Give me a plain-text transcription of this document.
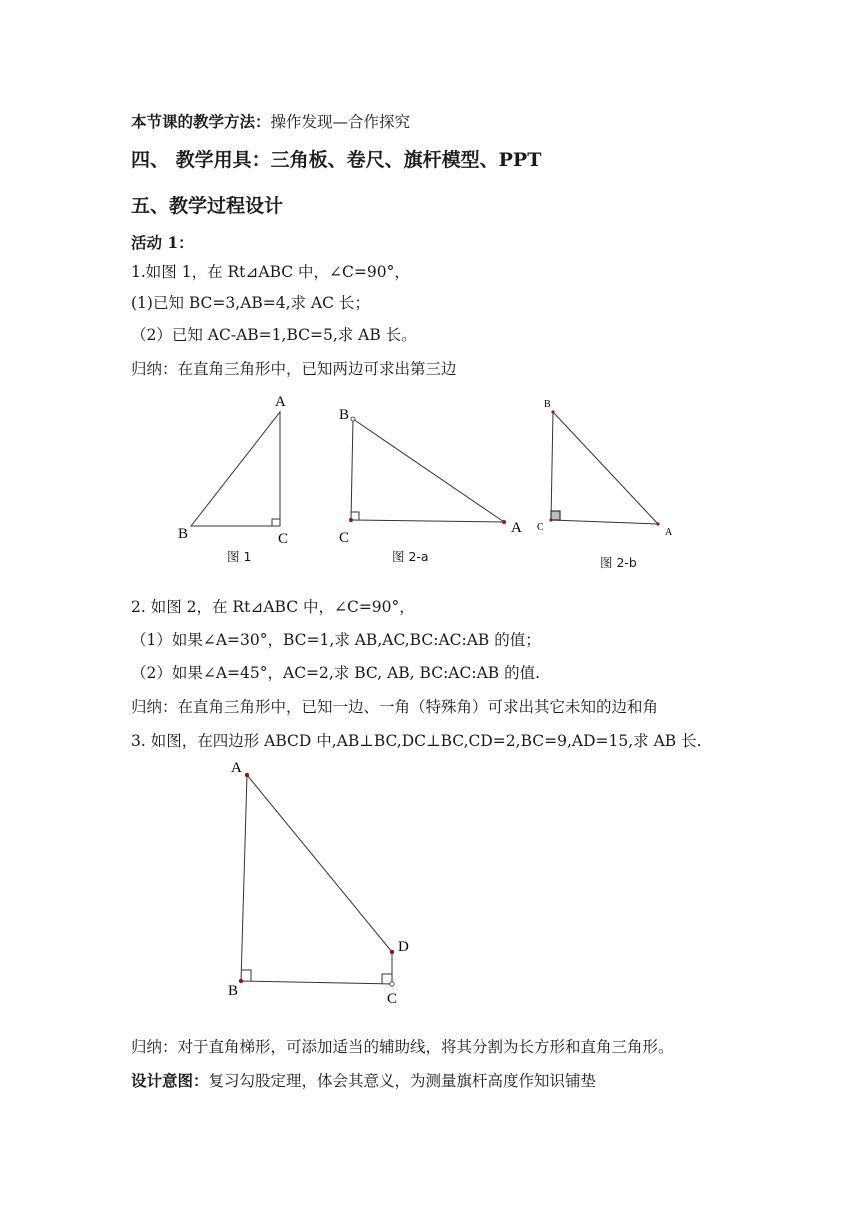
本节课的教学方法：操作发现—合作探究
四、 教学用具：三角板、卷尺、旗杆模型、PPT
五、教学过程设计
活动 1：
1.如图 1，在 Rt⊿ABC 中，∠C=90°，
(1)已知 BC=3,AB=4,求 AC 长；
（2）已知 AC-AB=1,BC=5,求 AB 长。
归纳：在直角三角形中，已知两边可求出第三边
A
B	C
图 1
B
C
A
图 2-a
B
C	A
图 2-b
2. 如图 2，在 Rt⊿ABC 中，∠C=90°，
（1）如果∠A=30°，BC=1,求 AB,AC,BC:AC:AB 的值；
（2）如果∠A=45°，AC=2,求 BC, AB, BC:AC:AB 的值.
归纳：在直角三角形中，已知一边、一角（特殊角）可求出其它未知的边和角
3. 如图，在四边形 ABCD 中,AB⊥BC,DC⊥BC,CD=2,BC=9,AD=15,求 AB 长.
A
B	C
D
归纳：对于直角梯形，可添加适当的辅助线，将其分割为长方形和直角三角形。
设计意图：复习勾股定理，体会其意义，为测量旗杆高度作知识铺垫
